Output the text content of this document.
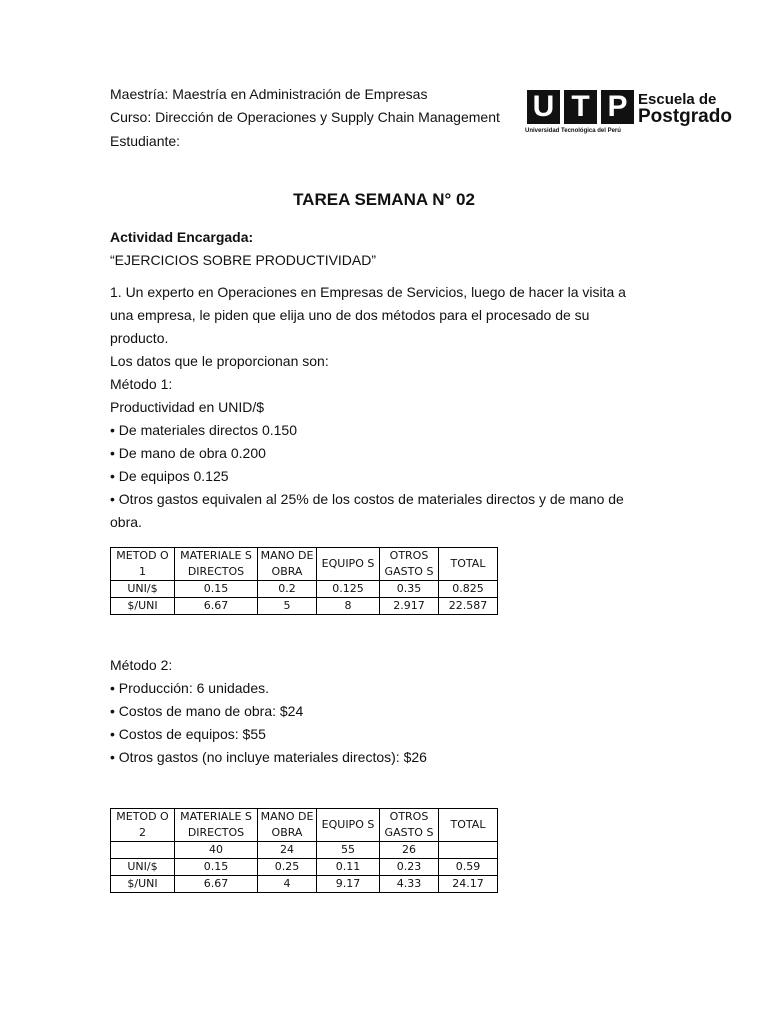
Maestría: Maestría en Administración de Empresas
Curso: Dirección de Operaciones y Supply Chain Management
Estudiante:
U T P
Universidad Tecnológica del Perú
Escuela de
Postgrado
TAREA SEMANA N° 02
Actividad Encargada:
“EJERCICIOS SOBRE PRODUCTIVIDAD”
1. Un experto en Operaciones en Empresas de Servicios, luego de hacer la visita a una empresa, le piden que elija uno de dos métodos para el procesado de su producto.
Los datos que le proporcionan son:
Método 1:
Productividad en UNID/$
• De materiales directos 0.150
• De mano de obra 0.200
• De equipos 0.125
• Otros gastos equivalen al 25% de los costos de materiales directos y de mano de obra.
METOD O 1	MATERIALE S DIRECTOS	MANO DE OBRA	EQUIPO S	OTROS GASTO S	TOTAL
UNI/$	0.15	0.2	0.125	0.35	0.825
$/UNI	6.67	5	8	2.917	22.587
Método 2:
• Producción: 6 unidades.
• Costos de mano de obra: $24
• Costos de equipos: $55
• Otros gastos (no incluye materiales directos): $26
METOD O 2	MATERIALE S DIRECTOS	MANO DE OBRA	EQUIPO S	OTROS GASTO S	TOTAL
	40	24	55	26	
UNI/$	0.15	0.25	0.11	0.23	0.59
$/UNI	6.67	4	9.17	4.33	24.17
